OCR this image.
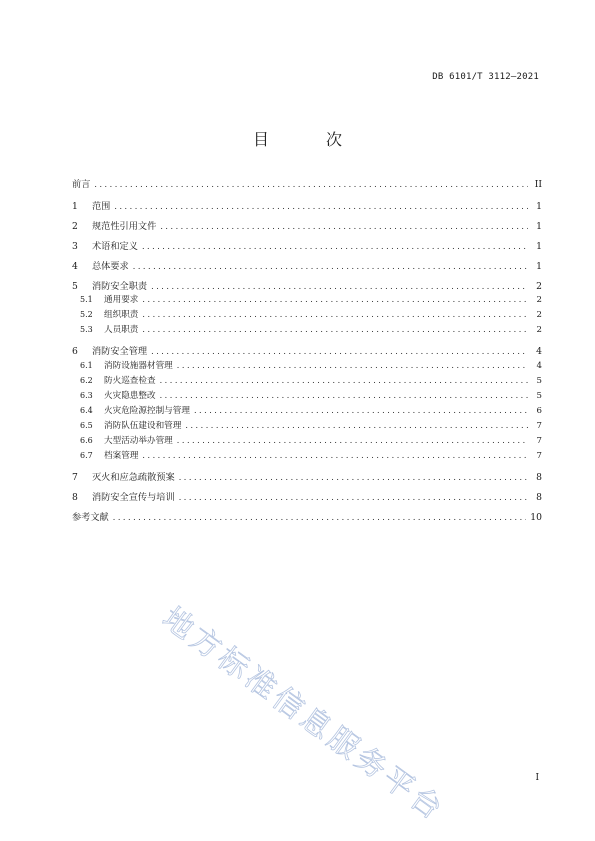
DB 6101/T 3112—2021
目 次
前言 . . .	II
1	范围 . . .	1
2	规范性引用文件 . . .	1
3	术语和定义 . . .	1
4	总体要求 . . .	1
5	消防安全职责 . . .	2
5.1	通用要求 . . .	2
5.2	组织职责 . . .	2
5.3	人员职责 . . .	2
6	消防安全管理 . . .	4
6.1	消防设施器材管理 . . .	4
6.2	防火巡查检查 . . .	5
6.3	火灾隐患整改 . . .	5
6.4	火灾危险源控制与管理 . . .	6
6.5	消防队伍建设和管理 . . .	7
6.6	大型活动举办管理 . . .	7
6.7	档案管理 . . .	7
7	灭火和应急疏散预案 . . .	8
8	消防安全宣传与培训 . . .	8
参考文献 . . .	10
地方标准信息服务平台	I
